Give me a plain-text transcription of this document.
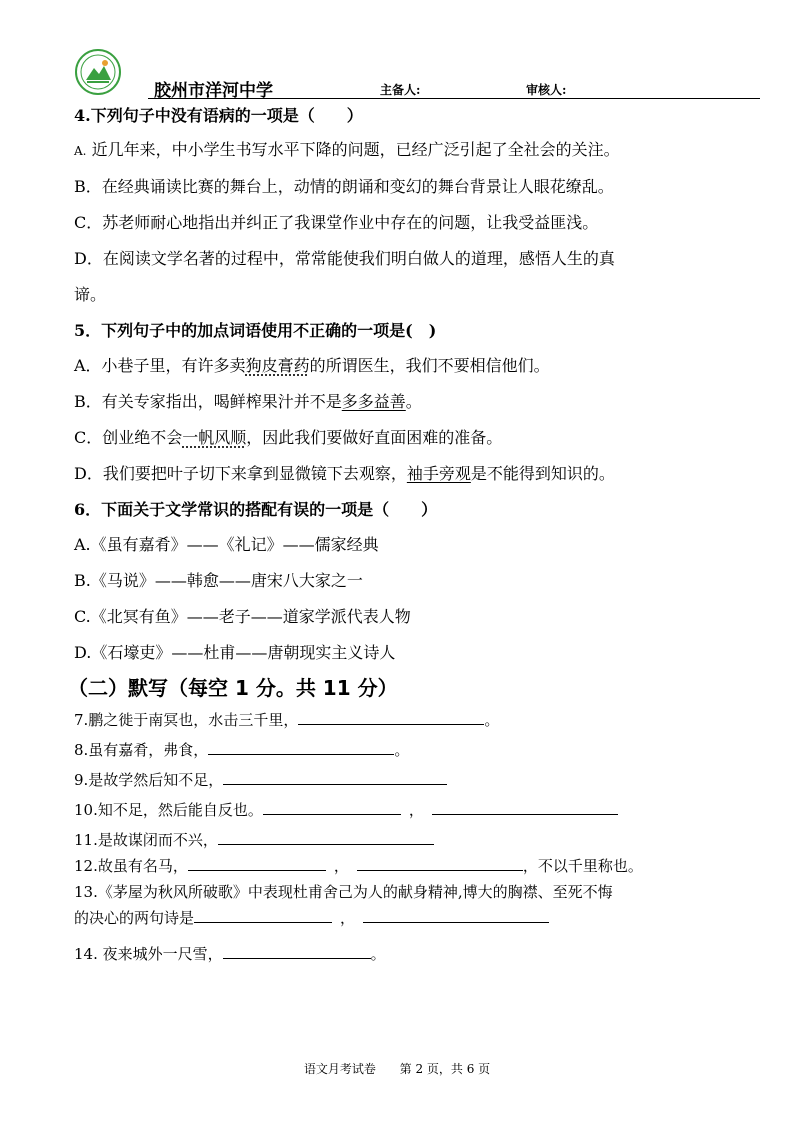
胶州市洋河中学	主备人:	审核人:

4.下列句子中没有语病的一项是（　　）

A. 近几年来，中小学生书写水平下降的问题，已经广泛引起了全社会的关注。

B．在经典诵读比赛的舞台上，动情的朗诵和变幻的舞台背景让人眼花缭乱。

C．苏老师耐心地指出并纠正了我课堂作业中存在的问题，让我受益匪浅。

D．在阅读文学名著的过程中，常常能使我们明白做人的道理，感悟人生的真

谛。

5．下列句子中的加点词语使用不正确的一项是(　)

A．小巷子里，有许多卖狗皮膏药的所谓医生，我们不要相信他们。

B．有关专家指出，喝鲜榨果汁并不是多多益善。

C．创业绝不会一帆风顺，因此我们要做好直面困难的准备。

D．我们要把叶子切下来拿到显微镜下去观察，袖手旁观是不能得到知识的。

6．下面关于文学常识的搭配有误的一项是（　　）

A.《虽有嘉肴》——《礼记》——儒家经典

B.《马说》——韩愈——唐宋八大家之一

C.《北冥有鱼》——老子——道家学派代表人物

D.《石壕吏》——杜甫——唐朝现实主义诗人

（二）默写（每空 1 分。共 11 分）

7.鹏之徙于南冥也，水击三千里，	。

8.虽有嘉肴，弗食，	。

9.是故学然后知不足，

10.知不足，然后能自反也。	，

11.是故谋闭而不兴，

12.故虽有名马，	，	，不以千里称也。

13.《茅屋为秋风所破歌》中表现杜甫舍己为人的献身精神,博大的胸襟、至死不悔

的决心的两句诗是	，

14. 夜来城外一尺雪，	。

语文月考试卷 第 2 页，共 6 页
